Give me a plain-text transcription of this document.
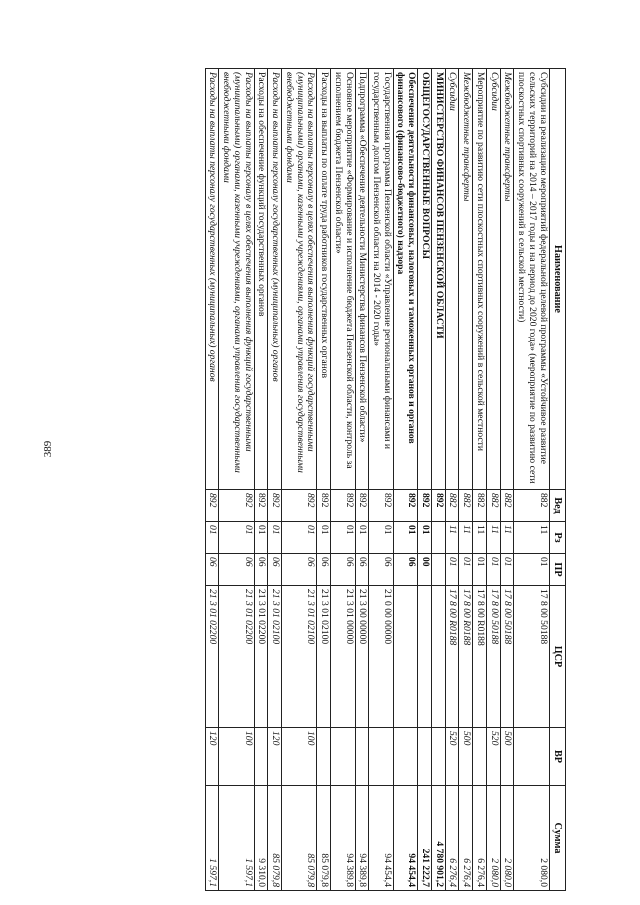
389
Наименование	Вед	Рз	ПР	ЦСР	ВР	Сумма
Субсидии на реализацию мероприятий федеральной целевой программы «Устойчивое развитие сельских территорий на 2014 – 2017 годы и на период до 2020 года» (мероприятие по развитию сети плоскостных спортивных сооружений в сельской местности)	882	11	01	17 8 00 50188		2 080,0
Межбюджетные трансферты	882	11	01	17 8 00 50188	500	2 080,0
Субсидии	882	11	01	17 8 00 50188	520	2 080,0
Мероприятие по развитию сети плоскостных спортивных сооружений в сельской местности	882	11	01	17 8 00 R0188		6 276,4
Межбюджетные трансферты	882	11	01	17 8 00 R0188	500	6 276,4
Субсидии	882	11	01	17 8 00 R0188	520	6 276,4
МИНИСТЕРСТВО ФИНАНСОВ ПЕНЗЕНСКОЙ ОБЛАСТИ	892					4 780 901,2
ОБЩЕГОСУДАРСТВЕННЫЕ ВОПРОСЫ	892	01	00			241 222,7
Обеспечение деятельности финансовых, налоговых и таможенных органов и органов финансового (финансово-бюджетного) надзора	892	01	06			94 454,4
Государственная программа Пензенской области «Управление региональными финансами и государственным долгом Пензенской области на 2014 - 2020 годы»	892	01	06	21 0 00 00000		94 454,4
Подпрограмма «Обеспечение деятельности Министерства финансов Пензенской области»	892	01	06	21 3 00 00000		94 389,8
Основное мероприятие «Формирование и исполнение бюджета Пензенской области, контроль за исполнением бюджета Пензенской области»	892	01	06	21 3 01 00000		94 389,8
Расходы на выплаты по оплате труда работников государственных органов	892	01	06	21 3 01 02100		85 079,8
Расходы на выплаты персоналу в целях обеспечения выполнения функций государственными (муниципальными) органами, казенными учреждениями, органами управления государственными внебюджетными фондами	892	01	06	21 3 01 02100	100	85 079,8
Расходы на выплаты персоналу государственных (муниципальных) органов	892	01	06	21 3 01 02100	120	85 079,8
Расходы на обеспечение функций государственных органов	892	01	06	21 3 01 02200		9 310,0
Расходы на выплаты персоналу в целях обеспечения выполнения функций государственными (муниципальными) органами, казенными учреждениями, органами управления государственными внебюджетными фондами	892	01	06	21 3 01 02200	100	1 597,1
Расходы на выплаты персоналу государственных (муниципальных) органов	892	01	06	21 3 01 02200	120	1 597,1
